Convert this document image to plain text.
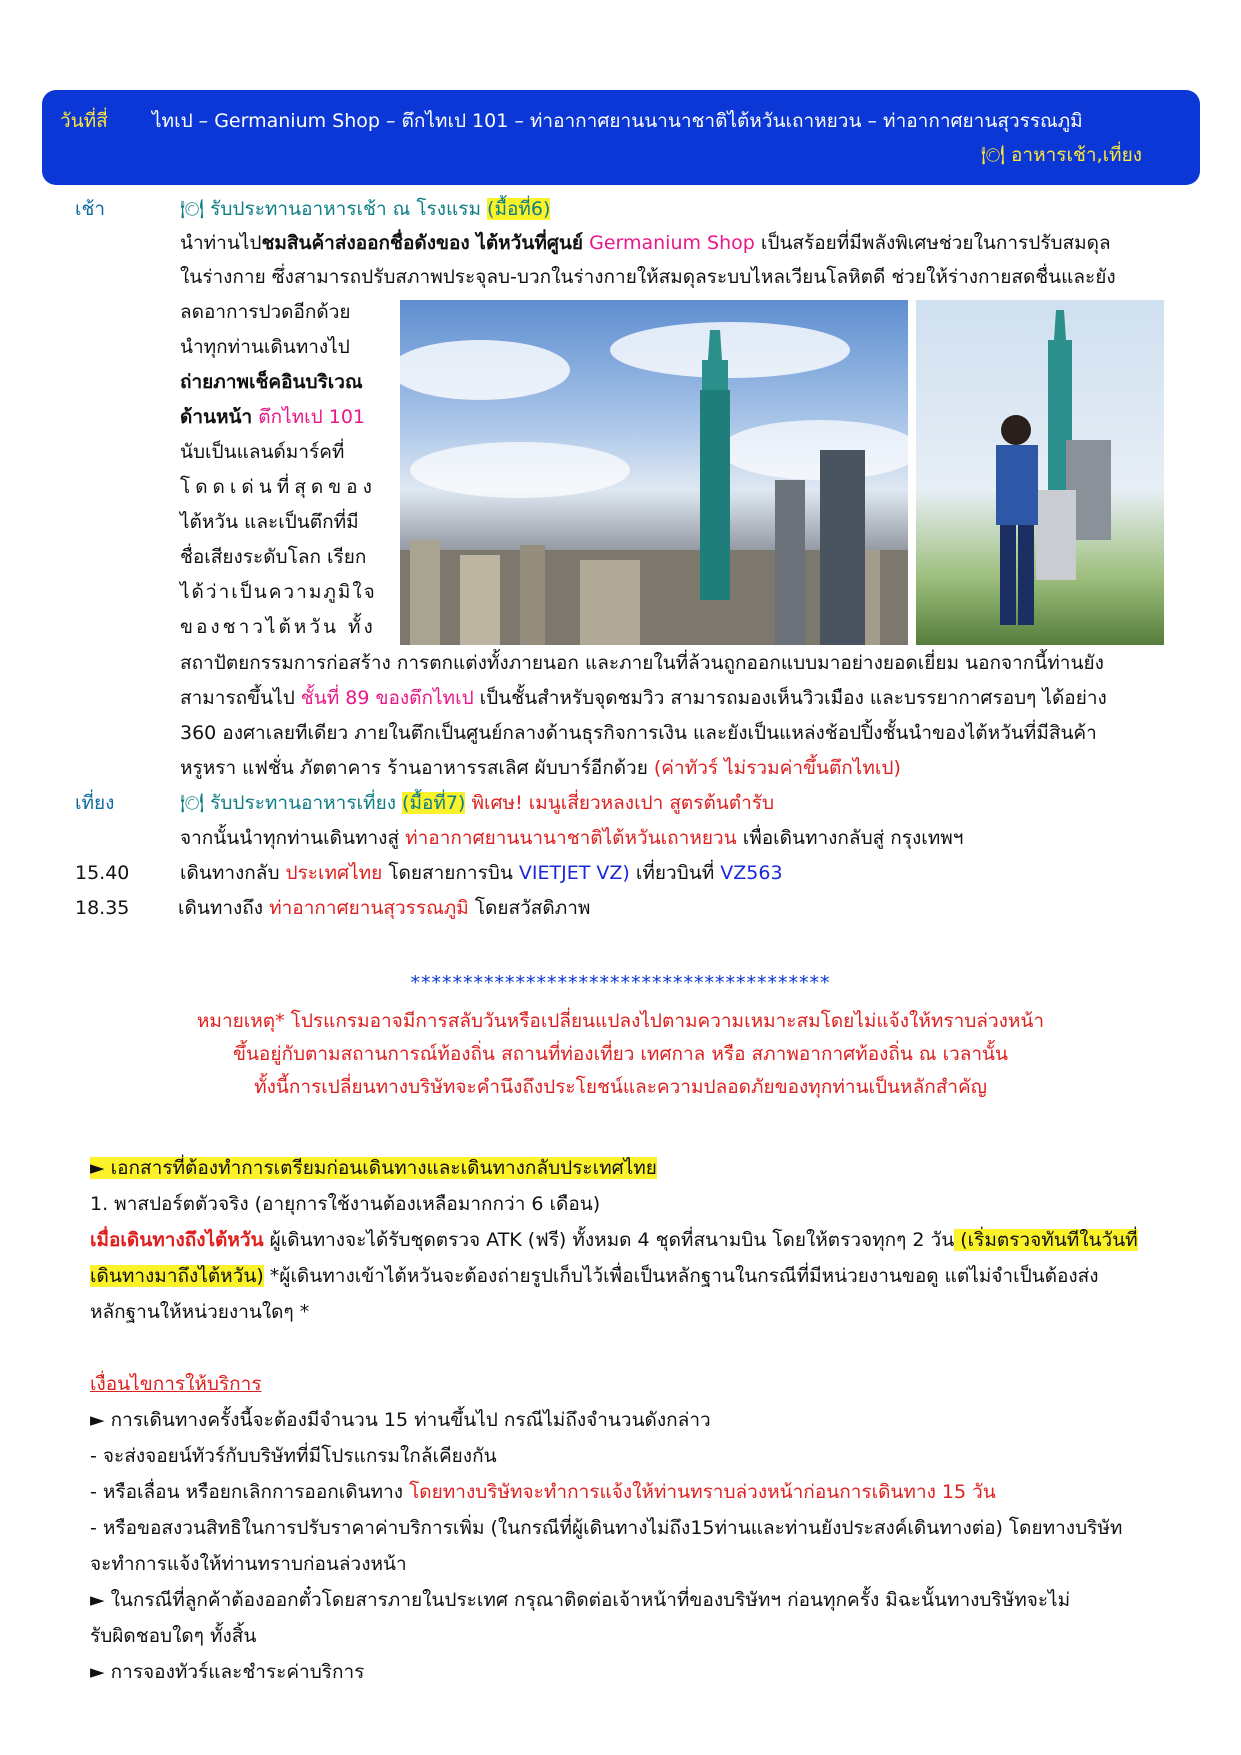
วันที่สี่ ไทเป – Germanium Shop – ตึกไทเป 101 – ท่าอากาศยานนานาชาติไต้หวันเถาหยวน – ท่าอากาศยานสุวรรณภูมิ
🍽 อาหารเช้า,เที่ยง
เช้า	🍽 รับประทานอาหารเช้า ณ โรงแรม (มื้อที่6)
นำท่านไปชมสินค้าส่งออกชื่อดังของ ไต้หวันที่ศูนย์ Germanium Shop เป็นสร้อยที่มีพลังพิเศษช่วยในการปรับสมดุล
ในร่างกาย ซึ่งสามารถปรับสภาพประจุลบ-บวกในร่างกายให้สมดุลระบบไหลเวียนโลหิตดี ช่วยให้ร่างกายสดชื่นและยัง
ลดอาการปวดอีกด้วย
นำทุกท่านเดินทางไป
ถ่ายภาพเช็คอินบริเวณ
ด้านหน้า ตึกไทเป 101
นับเป็นแลนด์มาร์คที่
โดดเด่นที่สุดของ
ไต้หวัน และเป็นตึกที่มี
ชื่อเสียงระดับโลก เรียก
ได้ว่าเป็นความภูมิใจ
ของชาวไต้หวัน ทั้ง
สถาปัตยกรรมการก่อสร้าง การตกแต่งทั้งภายนอก และภายในที่ล้วนถูกออกแบบมาอย่างยอดเยี่ยม นอกจากนี้ท่านยัง
สามารถขึ้นไป ชั้นที่ 89 ของตึกไทเป เป็นชั้นสำหรับจุดชมวิว สามารถมองเห็นวิวเมือง และบรรยากาศรอบๆ ได้อย่าง
360 องศาเลยทีเดียว ภายในตึกเป็นศูนย์กลางด้านธุรกิจการเงิน และยังเป็นแหล่งช้อปปิ้งชั้นนำของไต้หวันที่มีสินค้า
หรูหรา แฟชั่น ภัตตาคาร ร้านอาหารรสเลิศ ผับบาร์อีกด้วย (ค่าทัวร์ ไม่รวมค่าขึ้นตึกไทเป)
เที่ยง	🍽 รับประทานอาหารเที่ยง (มื้อที่7) พิเศษ! เมนูเสี่ยวหลงเปา สูตรต้นตำรับ
จากนั้นนำทุกท่านเดินทางสู่ ท่าอากาศยานนานาชาติไต้หวันเถาหยวน เพื่อเดินทางกลับสู่ กรุงเทพฯ
15.40	เดินทางกลับ ประเทศไทย โดยสายการบิน VIETJET VZ) เที่ยวบินที่ VZ563
18.35	เดินทางถึง ท่าอากาศยานสุวรรณภูมิ โดยสวัสดิภาพ
****************************************
หมายเหตุ* โปรแกรมอาจมีการสลับวันหรือเปลี่ยนแปลงไปตามความเหมาะสมโดยไม่แจ้งให้ทราบล่วงหน้า
ขึ้นอยู่กับตามสถานการณ์ท้องถิ่น สถานที่ท่องเที่ยว เทศกาล หรือ สภาพอากาศท้องถิ่น ณ เวลานั้น
ทั้งนี้การเปลี่ยนทางบริษัทจะคำนึงถึงประโยชน์และความปลอดภัยของทุกท่านเป็นหลักสำคัญ
► เอกสารที่ต้องทำการเตรียมก่อนเดินทางและเดินทางกลับประเทศไทย
1. พาสปอร์ตตัวจริง (อายุการใช้งานต้องเหลือมากกว่า 6 เดือน)
เมื่อเดินทางถึงไต้หวัน ผู้เดินทางจะได้รับชุดตรวจ ATK (ฟรี) ทั้งหมด 4 ชุดที่สนามบิน โดยให้ตรวจทุกๆ 2 วัน (เริ่มตรวจทันทีในวันที่
เดินทางมาถึงไต้หวัน) *ผู้เดินทางเข้าไต้หวันจะต้องถ่ายรูปเก็บไว้เพื่อเป็นหลักฐานในกรณีที่มีหน่วยงานขอดู แต่ไม่จำเป็นต้องส่ง
หลักฐานให้หน่วยงานใดๆ *
เงื่อนไขการให้บริการ
► การเดินทางครั้งนี้จะต้องมีจำนวน 15 ท่านขึ้นไป กรณีไม่ถึงจำนวนดังกล่าว
- จะส่งจอยน์ทัวร์กับบริษัทที่มีโปรแกรมใกล้เคียงกัน
- หรือเลื่อน หรือยกเลิกการออกเดินทาง โดยทางบริษัทจะทำการแจ้งให้ท่านทราบล่วงหน้าก่อนการเดินทาง 15 วัน
- หรือขอสงวนสิทธิในการปรับราคาค่าบริการเพิ่ม (ในกรณีที่ผู้เดินทางไม่ถึง15ท่านและท่านยังประสงค์เดินทางต่อ) โดยทางบริษัท
จะทำการแจ้งให้ท่านทราบก่อนล่วงหน้า
► ในกรณีที่ลูกค้าต้องออกตั๋วโดยสารภายในประเทศ กรุณาติดต่อเจ้าหน้าที่ของบริษัทฯ ก่อนทุกครั้ง มิฉะนั้นทางบริษัทจะไม่
รับผิดชอบใดๆ ทั้งสิ้น
► การจองทัวร์และชำระค่าบริการ
